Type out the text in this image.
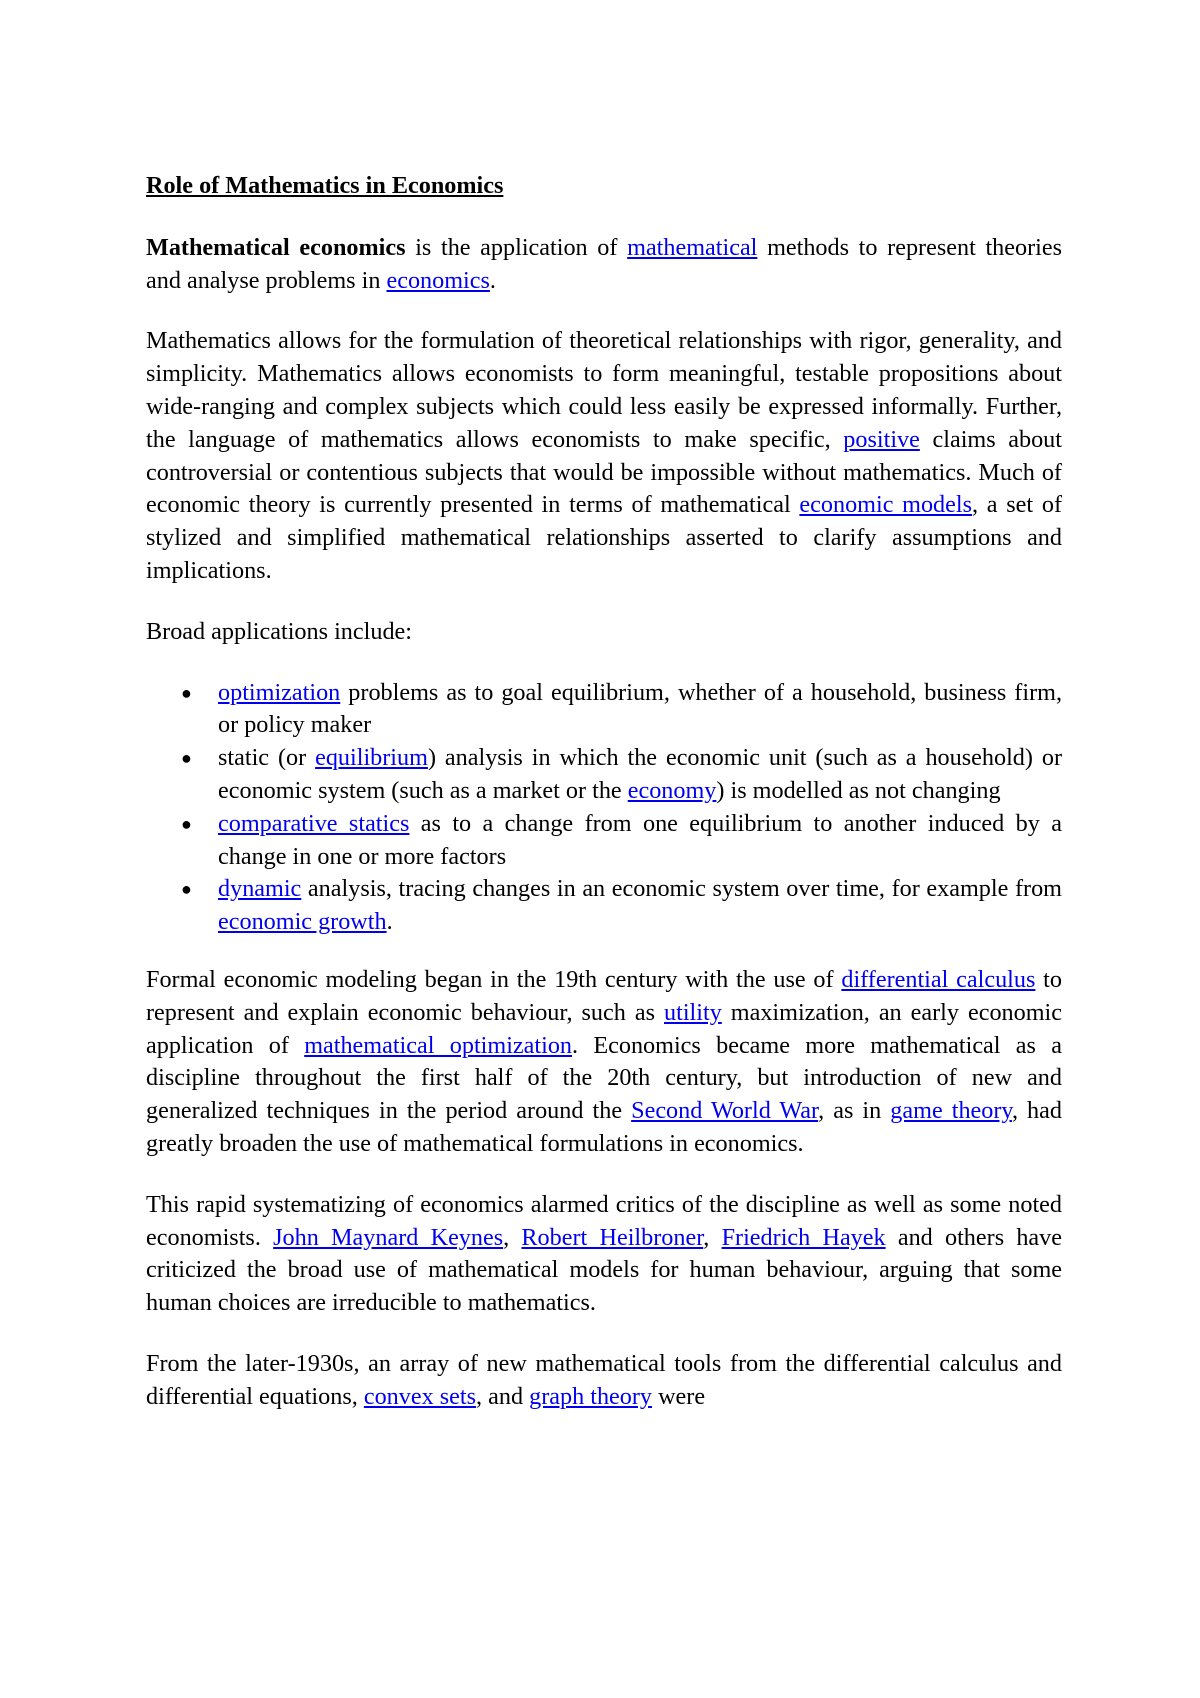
Role of Mathematics in Economics

Mathematical economics is the application of mathematical methods to represent theories and analyse problems in economics.

Mathematics allows for the formulation of theoretical relationships with rigor, generality, and simplicity. Mathematics allows economists to form meaningful, testable propositions about wide-ranging and complex subjects which could less easily be expressed informally. Further, the language of mathematics allows economists to make specific, positive claims about controversial or contentious subjects that would be impossible without mathematics. Much of economic theory is currently presented in terms of mathematical economic models, a set of stylized and simplified mathematical relationships asserted to clarify assumptions and implications.

Broad applications include:

● optimization problems as to goal equilibrium, whether of a household, business firm, or policy maker
● static (or equilibrium) analysis in which the economic unit (such as a household) or economic system (such as a market or the economy) is modelled as not changing
● comparative statics as to a change from one equilibrium to another induced by a change in one or more factors
● dynamic analysis, tracing changes in an economic system over time, for example from economic growth.

Formal economic modeling began in the 19th century with the use of differential calculus to represent and explain economic behaviour, such as utility maximization, an early economic application of mathematical optimization. Economics became more mathematical as a discipline throughout the first half of the 20th century, but introduction of new and generalized techniques in the period around the Second World War, as in game theory, had greatly broaden the use of mathematical formulations in economics.

This rapid systematizing of economics alarmed critics of the discipline as well as some noted economists. John Maynard Keynes, Robert Heilbroner, Friedrich Hayek and others have criticized the broad use of mathematical models for human behaviour, arguing that some human choices are irreducible to mathematics.

From the later-1930s, an array of new mathematical tools from the differential calculus and differential equations, convex sets, and graph theory were
